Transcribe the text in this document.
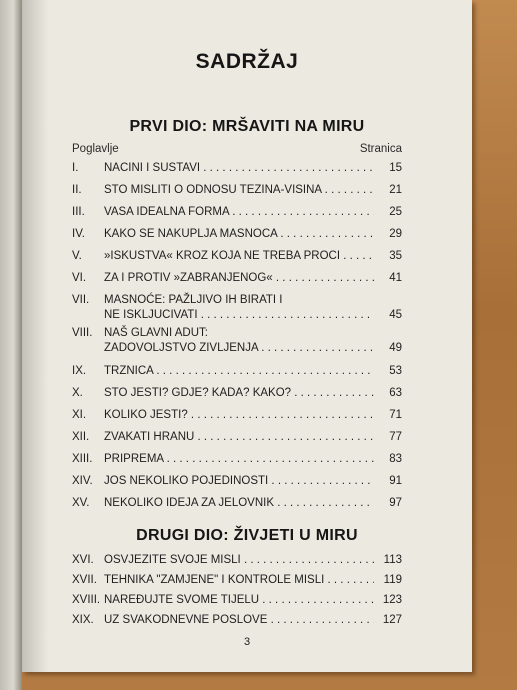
SADRŽAJ
PRVI DIO: MRŠAVITI NA MIRU
Poglavlje	Stranica
I.	NAČINI I SUSTAVI . . .	15
II.	ŠTO MISLITI O ODNOSU TEŽINA-VISINA . . .	21
III.	VAŠA IDEALNA FORMA . . .	25
IV.	KAKO SE NAKUPLJA MASNOĆA . . .	29
V.	»ISKUSTVA« KROZ KOJA NE TREBA PROĆI . . .	35
VI.	ZA I PROTIV »ZABRANJENOG« . . .	41
VII.	MASNOĆE: PAŽLJIVO IH BIRATI I
NE ISKLJUČIVATI . . .	45
VIII.	NAŠ GLAVNI ADUT:
ZADOVOLJSTVO ŽIVLJENJA . . .	49
IX.	TRŽNICA . . .	53
X.	ŠTO JESTI? GDJE? KADA? KAKO? . . .	63
XI.	KOLIKO JESTI? . . .	71
XII.	ŽVAKATI HRANU . . .	77
XIII.	PRIPREMA . . .	83
XIV. JOŠ NEKOLIKO POJEDINOSTI . . .	91
XV.	NEKOLIKO IDEJA ZA JELOVNIK . . .	97
DRUGI DIO: ŽIVJETI U MIRU
XVI. OSVJEŽITE SVOJE MISLI . . .	113
XVII. TEHNIKA "ZAMJENE" I KONTROLE MISLI . . .	119
XVIII. NAREĐUJTE SVOME TIJELU . . .	123
XIX. UZ SVAKODNEVNE POSLOVE . . .	127
3
